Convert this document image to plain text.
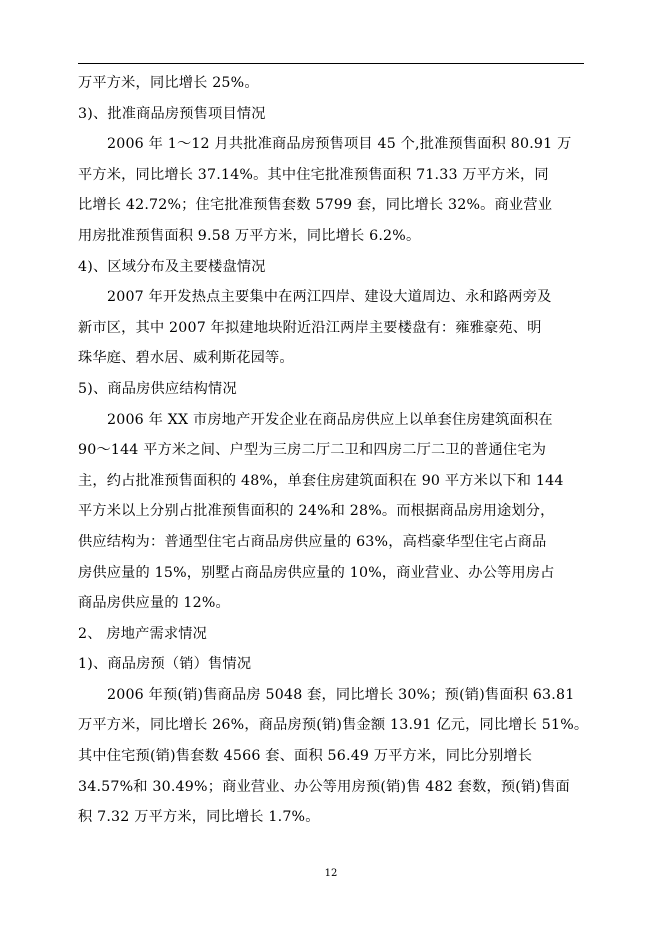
万平方米，同比增长 25%。
3)、批准商品房预售项目情况
2006 年 1～12 月共批准商品房预售项目 45 个,批准预售面积 80.91 万
平方米，同比增长 37.14%。其中住宅批准预售面积 71.33 万平方米，同
比增长 42.72%；住宅批准预售套数 5799 套，同比增长 32%。商业营业
用房批准预售面积 9.58 万平方米，同比增长 6.2%。
4)、区域分布及主要楼盘情况
2007 年开发热点主要集中在两江四岸、建设大道周边、永和路两旁及
新市区，其中 2007 年拟建地块附近沿江两岸主要楼盘有：雍雅豪苑、明
珠华庭、碧水居、威利斯花园等。
5)、商品房供应结构情况
2006 年 XX 市房地产开发企业在商品房供应上以单套住房建筑面积在
90～144 平方米之间、户型为三房二厅二卫和四房二厅二卫的普通住宅为
主，约占批准预售面积的 48%，单套住房建筑面积在 90 平方米以下和 144
平方米以上分别占批准预售面积的 24%和 28%。而根据商品房用途划分，
供应结构为：普通型住宅占商品房供应量的 63%，高档豪华型住宅占商品
房供应量的 15%，别墅占商品房供应量的 10%，商业营业、办公等用房占
商品房供应量的 12%。
2、 房地产需求情况
1)、商品房预（销）售情况
2006 年预(销)售商品房 5048 套，同比增长 30%；预(销)售面积 63.81
万平方米，同比增长 26%，商品房预(销)售金额 13.91 亿元，同比增长 51%。
其中住宅预(销)售套数 4566 套、面积 56.49 万平方米，同比分别增长
34.57%和 30.49%；商业营业、办公等用房预(销)售 482 套数，预(销)售面
积 7.32 万平方米，同比增长 1.7%。
12
